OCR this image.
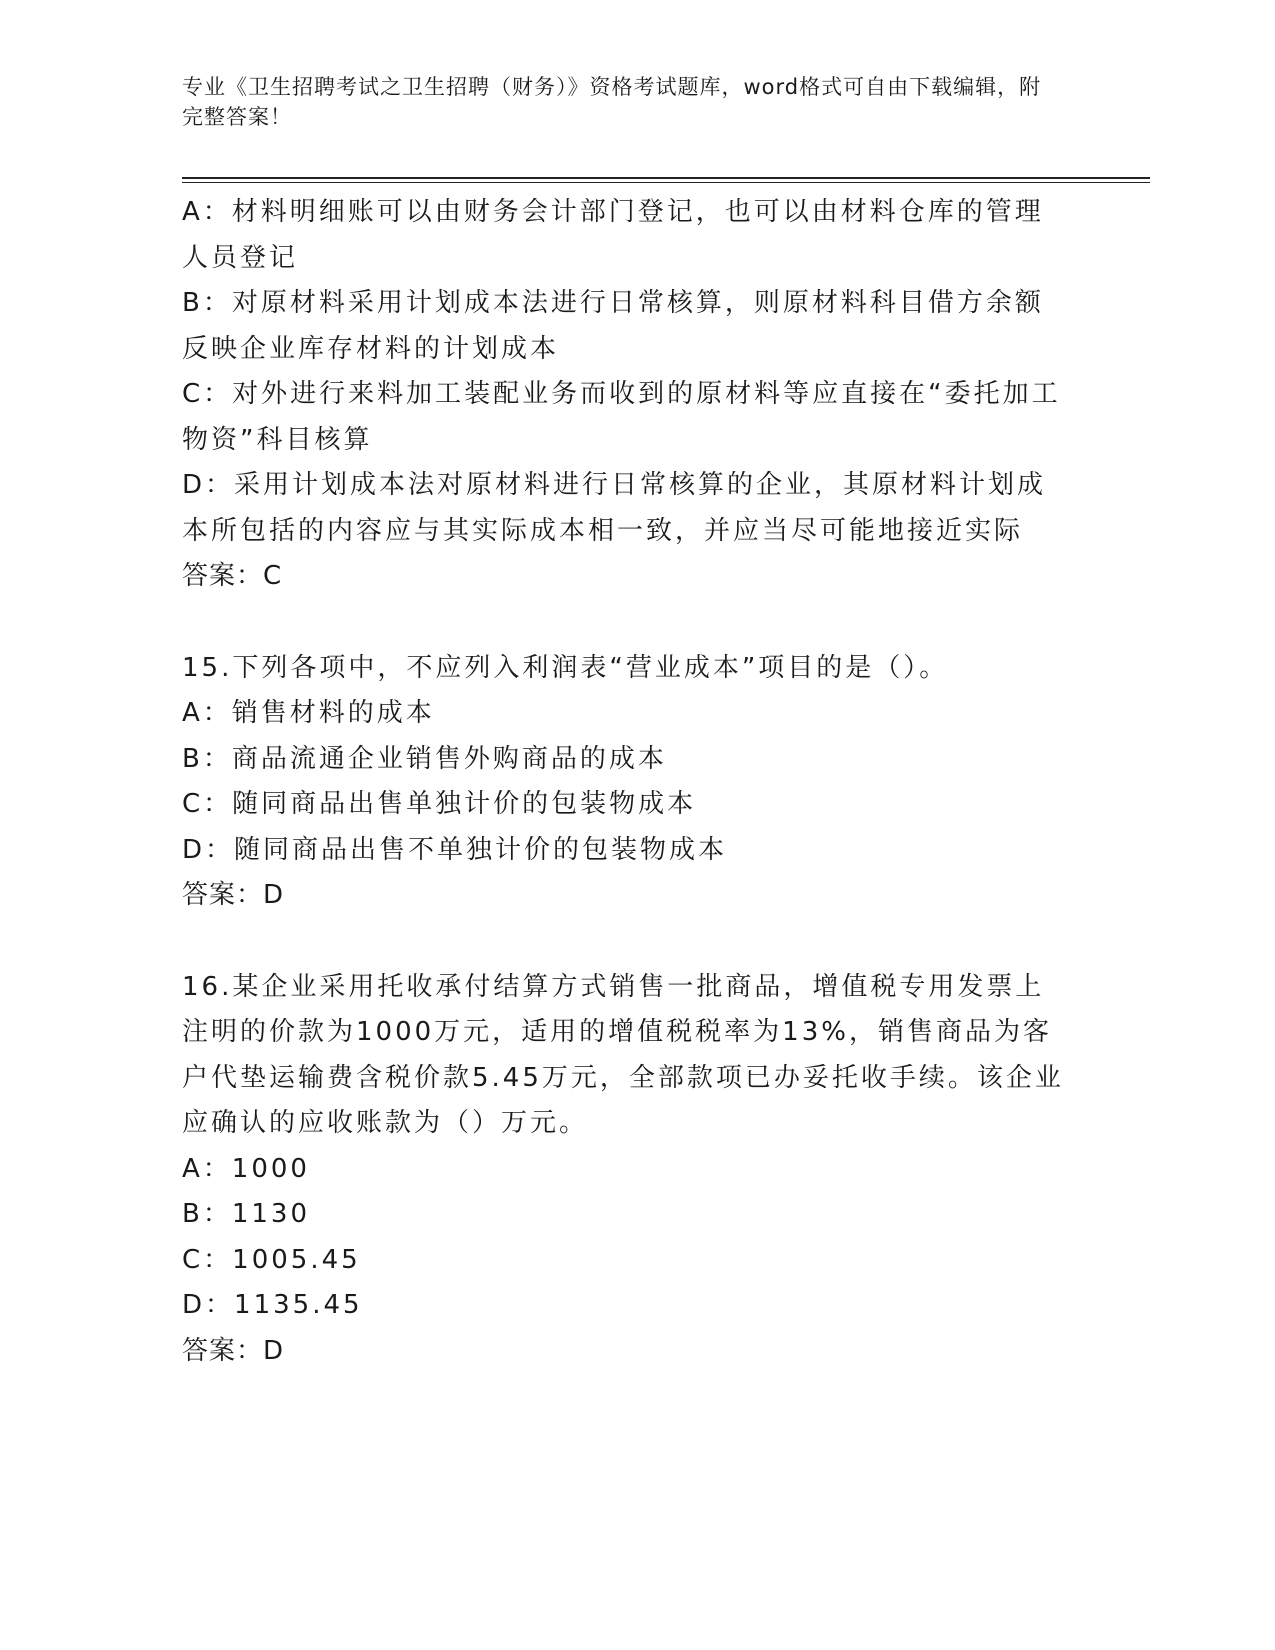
专业《卫生招聘考试之卫生招聘（财务）》资格考试题库，word格式可自由下载编辑，附完整答案！

A：材料明细账可以由财务会计部门登记，也可以由材料仓库的管理人员登记

B：对原材料采用计划成本法进行日常核算，则原材料科目借方余额反映企业库存材料的计划成本

C：对外进行来料加工装配业务而收到的原材料等应直接在“委托加工物资”科目核算

D：采用计划成本法对原材料进行日常核算的企业，其原材料计划成本所包括的内容应与其实际成本相一致，并应当尽可能地接近实际

答案：C

15.下列各项中，不应列入利润表“营业成本”项目的是（）。

A：销售材料的成本

B：商品流通企业销售外购商品的成本

C：随同商品出售单独计价的包装物成本

D：随同商品出售不单独计价的包装物成本

答案：D

16.某企业采用托收承付结算方式销售一批商品，增值税专用发票上注明的价款为1000万元，适用的增值税税率为13%，销售商品为客户代垫运输费含税价款5.45万元，全部款项已办妥托收手续。该企业应确认的应收账款为（）万元。

A：1000

B：1130

C：1005.45

D：1135.45

答案：D
